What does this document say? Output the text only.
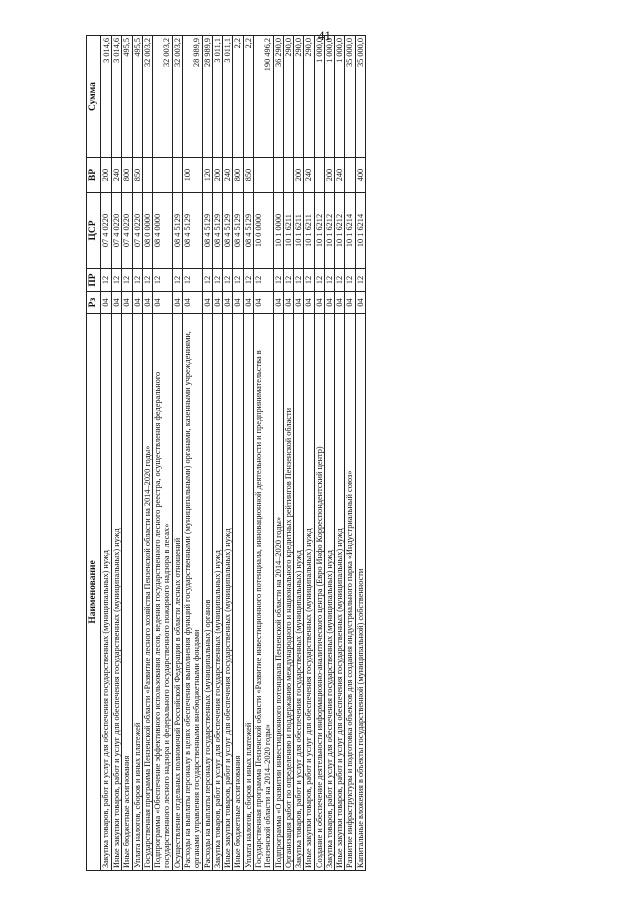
41
Наименование	Рз	ПР	ЦСР	ВР	Сумма
Закупка товаров, работ и услуг для обеспечения государственных (муниципальных) нужд	04	12	07 4 0220	200	3 014,6
Иные закупки товаров, работ и услуг для обеспечения государственных (муниципальных) нужд	04	12	07 4 0220	240	3 014,6
Иные бюджетные ассигнования	04	12	07 4 0220	800	495,5
Уплата налогов, сборов и иных платежей	04	12	07 4 0220	850	495,5
Государственная программа Пензенской области «Развитие лесного хозяйства Пензенской области на 2014–2020 годы»	04	12	08 0 0000		32 003,2
Подпрограмма «Обеспечение эффективного использования лесов, ведения государственного лесного реестра, осуществления федерального государственного лесного надзора и федерального государственного пожарного надзора в лесах»	04	12	08 4 0000		32 003,2
Осуществление отдельных полномочий Российской Федерации в области лесных отношений	04	12	08 4 5129		32 003,2
Расходы на выплаты персоналу в целях обеспечения выполнения функций государственными (муниципальными) органами, казенными учреждениями, органами управления государственными внебюджетными фондами	04	12	08 4 5129	100	28 989,9
Расходы на выплаты персоналу государственных (муниципальных) органов	04	12	08 4 5129	120	28 989,9
Закупка товаров, работ и услуг для обеспечения государственных (муниципальных) нужд	04	12	08 4 5129	200	3 011,1
Иные закупки товаров, работ и услуг для обеспечения государственных (муниципальных) нужд	04	12	08 4 5129	240	3 011,1
Иные бюджетные ассигнования	04	12	08 4 5129	800	2,2
Уплата налогов, сборов и иных платежей	04	12	08 4 5129	850	2,2
Государственная программа Пензенской области «Развитие инвестиционного потенциала, инновационной деятельности и предпринимательства в Пензенской области на 2014–2020 годы»	04	12	10 0 0000		190 496,2
Подпрограмма «О развитии инвестиционного потенциала Пензенской области на 2014–2020 годы»	04	12	10 1 0000		36 290,0
Организация работ по определению и поддержанию международного и национального кредитных рейтингов Пензенской области	04	12	10 1 6211		290,0
Закупка товаров, работ и услуг для обеспечения государственных (муниципальных) нужд	04	12	10 1 6211	200	290,0
Иные закупки товаров, работ и услуг для обеспечения государственных (муниципальных) нужд	04	12	10 1 6211	240	290,0
Создание и обеспечение деятельности информационно-аналитического центра (Евро Инфо Корреспондентский центр)	04	12	10 1 6212		1 000,0
Закупка товаров, работ и услуг для обеспечения государственных (муниципальных) нужд	04	12	10 1 6212	200	1 000,0
Иные закупки товаров, работ и услуг для обеспечения государственных (муниципальных) нужд	04	12	10 1 6212	240	1 000,0
Развитие инфраструктуры и подготовка объектов для создания индустриального парка «Индустриальный союз»	04	12	10 1 6214		35 000,0
Капитальные вложения в объекты государственной (муниципальной) собственности	04	12	10 1 6214	400	35 000,0
